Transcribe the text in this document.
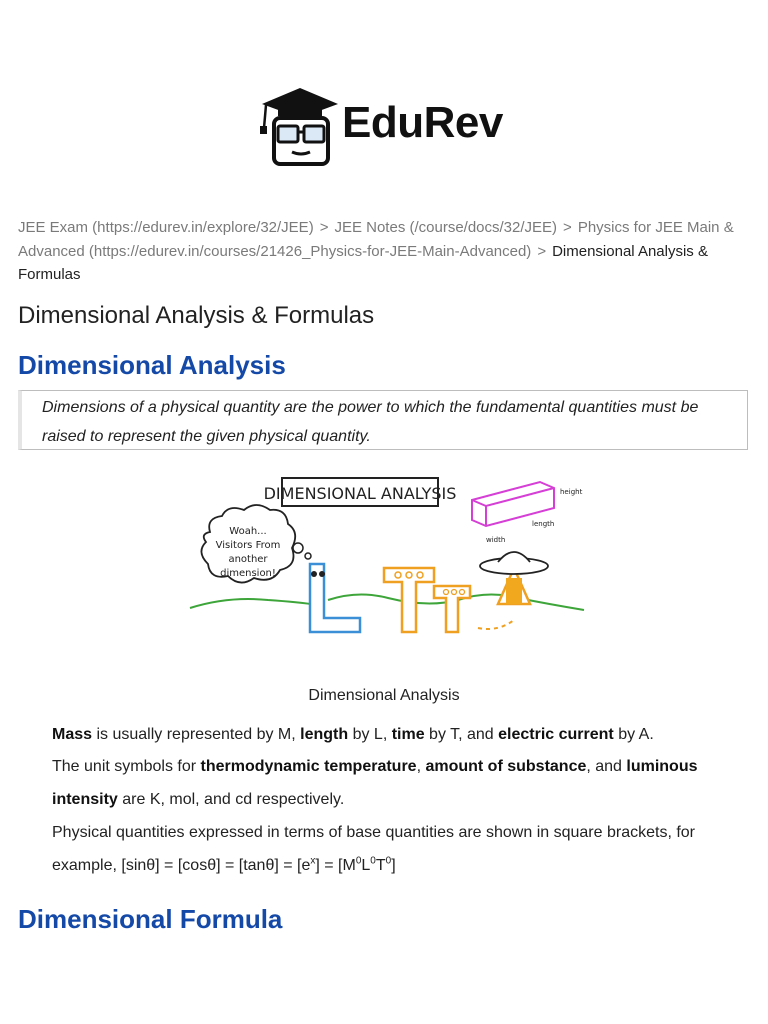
EduRev
JEE Exam (https://edurev.in/explore/32/JEE) > JEE Notes (/course/docs/32/JEE) > Physics for JEE Main & Advanced (https://edurev.in/courses/21426_Physics-for-JEE-Main-Advanced) > Dimensional Analysis & Formulas
Dimensional Analysis & Formulas
Dimensional Analysis

Dimensions of a physical quantity are the power to which the fundamental quantities must be raised to represent the given physical quantity.

DIMENSIONAL ANALYSIS
Woah...
Visitors From
another
dimension!
width
length
height
Dimensional Analysis

Mass is usually represented by M, length by L, time by T, and electric current by A.

The unit symbols for thermodynamic temperature, amount of substance, and luminous intensity are K, mol, and cd respectively.

Physical quantities expressed in terms of base quantities are shown in square brackets, for example, $[\sin\theta] = [\cos\theta] = [\tan\theta] = [e^x] = [M^0L^0T^0]$

Dimensional Formula
